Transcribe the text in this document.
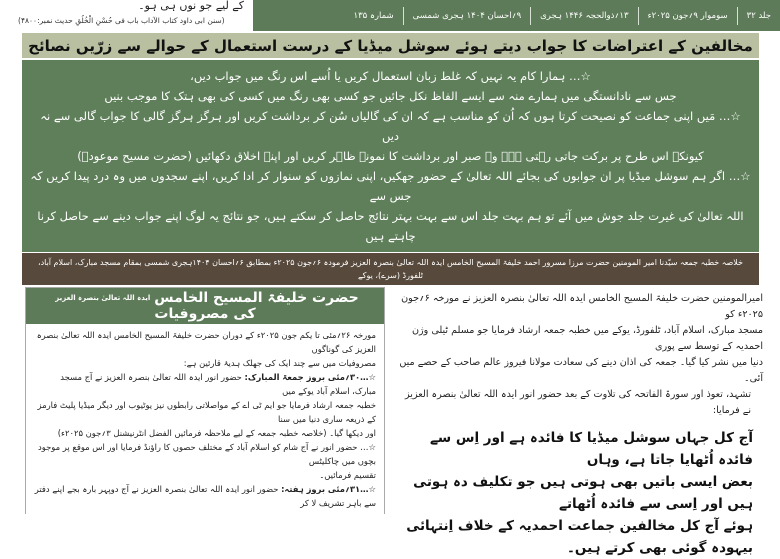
کے لیے جو نوں ہی ہو۔
(سنن ابی داود کتاب الآداب باب فی حُسْنِ الْخُلُقِ حدیث نمبر:۴۸۰۰)	جلد ۳۲
سوموار ۹؍جون ۲۰۲۵ء
۱۳؍ذوالحجہ ۱۴۴۶ ہجری
۹؍احسان ۱۴۰۴ ہجری شمسی
شمارہ ۱۳۵
مخالفین کے اعتراضات کا جواب دیتے ہوئے سوشل میڈیا کے درست استعمال کے حوالے سے زرّیں نصائح

☆… ہمارا کام یہ نہیں کہ غلط زبان استعمال کریں یا اُسے اس رنگ میں جواب دیں،

جس سے نادانستگی میں ہمارے منہ سے ایسے الفاظ نکل جائیں جو کسی بھی رنگ میں کسی کی بھی ہتک کا موجب بنیں

☆… مَیں اپنی جماعت کو نصیحت کرتا ہوں کہ اُن کو مناسب ہے کہ ان کی گالیاں سُن کر برداشت کریں اور ہرگز ہرگز گالی کا جواب گالی سے نہ دیں

کیونکہ اس طرح پر برکت جاتی رہتی ہے۔ وہ صبر اور برداشت کا نمونہ ظاہر کریں اور اپنے اخلاق دکھائیں (حضرت مسیح موعودؑ)

☆… اگر ہم سوشل میڈیا پر ان جوابوں کی بجائے اللہ تعالیٰ کے حضور جھکیں، اپنی نمازوں کو سنوار کر ادا کریں، اپنے سجدوں میں وہ درد پیدا کریں کہ جس سے

اللہ تعالیٰ کی غیرت جلد جوش میں آئے تو ہم بہت جلد اس سے بہت بہتر نتائج حاصل کر سکتے ہیں، جو نتائج یہ لوگ اپنے جواب دینے سے حاصل کرنا چاہتے ہیں

خلاصہ خطبہ جمعہ سیّدنا امیر المومنین حضرت مرزا مسرور احمد خلیفۃ المسیح الخامس ایدہ اللہ تعالیٰ بنصرہ العزیز فرمودہ ۶؍جون ۲۰۲۵ء بمطابق ۶؍احسان ۱۴۰۴ہجری شمسی بمقام مسجد مبارک، اسلام آباد، ٹلفورڈ (سرے)، یوکے
حضرت خلیفۃ المسیح الخامس
ایدہ اللہ تعالیٰ بنصرہ العزیز
کی مصروفیات

مورخہ ۲۶؍مئی تا یکم جون ۲۰۲۵ء کے دوران حضرت خلیفۃ المسیح الخامس ایدہ اللہ تعالیٰ بنصرہ العزیز کی گوناگوں

مصروفیات میں سے چند ایک کی جھلک ہدیۂ قارئین ہے:

☆…۳۰؍مئی بروز جمعۃ المبارک: حضور انور ایدہ اللہ تعالیٰ بنصرہ العزیز نے آج مسجد مبارک، اسلام آباد یوکے میں

خطبہ جمعہ ارشاد فرمایا جو ایم ٹی اے کے مواصلاتی رابطوں نیز یوٹیوب اور دیگر میڈیا پلیٹ فارمز کے ذریعہ ساری دنیا میں سنا

اور دیکھا گیا۔ (خلاصہ خطبہ جمعہ کے لیے ملاحظہ فرمائیں الفضل انٹرنیشنل ۳؍جون ۲۰۲۵ء)

☆… حضور انور نے آج شام کو اسلام آباد کے مختلف حصوں کا راؤنڈ فرمایا اور اس موقع پر موجود بچوں میں چاکلیٹس

تقسیم فرمائیں۔

☆…۳۱؍مئی بروز ہفتہ: حضور انور ایدہ اللہ تعالیٰ بنصرہ العزیز نے آج دوپہر بارہ بجے اپنے دفتر سے باہر تشریف لا کر

امیرالمومنین حضرت خلیفۃ المسیح الخامس ایدہ اللہ تعالیٰ بنصرہ العزیز نے مورخہ ۶؍جون ۲۰۲۵ء کو

مسجد مبارک، اسلام آباد، ٹلفورڈ، یوکے میں خطبہ جمعہ ارشاد فرمایا جو مسلم ٹیلی وژن احمدیہ کے توسط سے پوری

دنیا میں نشر کیا گیا۔ جمعہ کی اذان دینے کی سعادت مولانا فیروز عالم صاحب کے حصے میں آئی۔

تشہد، تعوذ اور سورۃ الفاتحہ کی تلاوت کے بعد حضور انور ایدہ اللہ تعالیٰ بنصرہ العزیز نے فرمایا:

آج کل جہاں سوشل میڈیا کا فائدہ ہے اور اِس سے فائدہ اُٹھایا جاتا ہے، وہاں

بعض ایسی باتیں بھی ہوتی ہیں جو تکلیف دہ ہوتی ہیں اور اِسی سے فائدہ اُٹھاتے

ہوئے آج کل مخالفین جماعت احمدیہ کے خلاف اِنتہائی بیہودہ گوئی بھی کرتے ہیں۔
